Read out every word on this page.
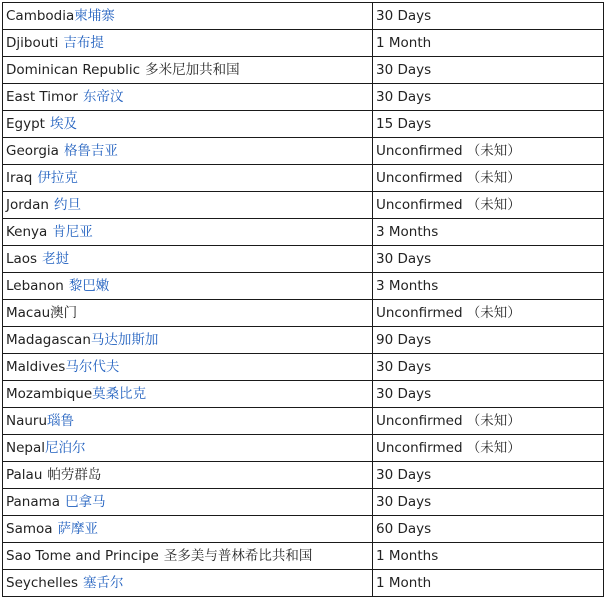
Cambodia柬埔寨	30 Days
Djibouti 吉布提	1 Month
Dominican Republic 多米尼加共和国	30 Days
East Timor 东帝汶	30 Days
Egypt 埃及	15 Days
Georgia 格鲁吉亚	Unconfirmed （未知）
Iraq 伊拉克	Unconfirmed （未知）
Jordan 约旦	Unconfirmed （未知）
Kenya 肯尼亚	3 Months
Laos 老挝	30 Days
Lebanon 黎巴嫩	3 Months
Macau澳门	Unconfirmed （未知）
Madagascan马达加斯加	90 Days
Maldives马尔代夫	30 Days
Mozambique莫桑比克	30 Days
Nauru瑙鲁	Unconfirmed （未知）
Nepal尼泊尔	Unconfirmed （未知）
Palau 帕劳群岛	30 Days
Panama 巴拿马	30 Days
Samoa 萨摩亚	60 Days
Sao Tome and Principe 圣多美与普林希比共和国	1 Months
Seychelles 塞舌尔	1 Month
